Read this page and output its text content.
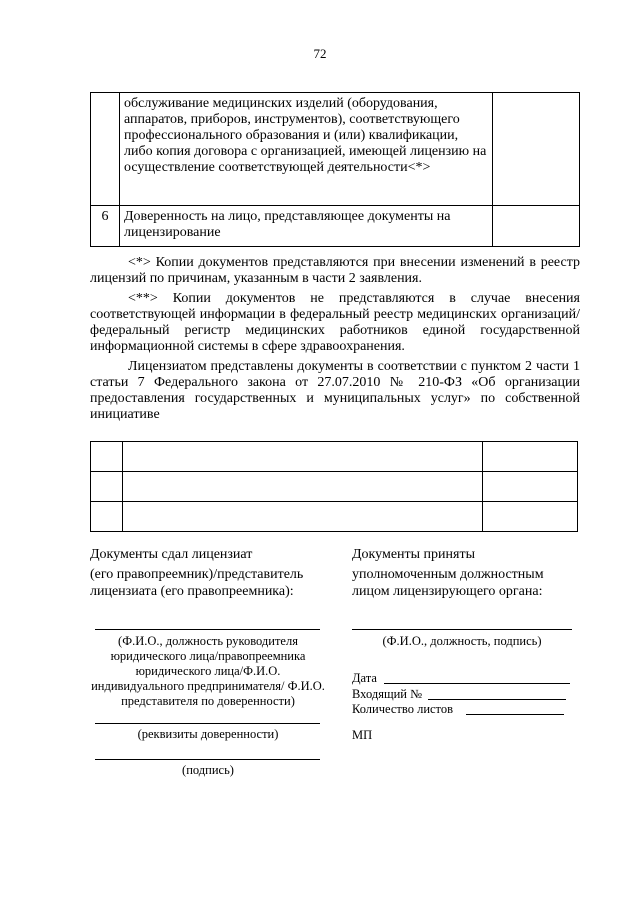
72
	обслуживание медицинских изделий (оборудования, аппаратов, приборов, инструментов), соответствующего профессионального образования и (или) квалификации, либо копия договора с организацией, имеющей лицензию на осуществление соответствующей деятельности<*>	
6	Доверенность на лицо, представляющее документы на лицензирование	

<*> Копии документов представляются при внесении изменений в реестр лицензий по причинам, указанным в части 2 заявления.

<**> Копии документов не представляются в случае внесения соответствующей информации в федеральный реестр медицинских организаций/федеральный регистр медицинских работников единой государственной информационной системы в сфере здравоохранения.

Лицензиатом представлены документы в соответствии с пунктом 2 части 1 статьи 7 Федерального закона от 27.07.2010 № 210-ФЗ «Об организации предоставления государственных и муниципальных услуг» по собственной инициативе

Документы сдал лицензиат
(его правопреемник)/представитель
лицензиата (его правопреемника):
(Ф.И.О., должность руководителя юридического лица/правопреемника юридического лица/Ф.И.О. индивидуального предпринимателя/ Ф.И.О. представителя по доверенности)
(реквизиты доверенности)
(подпись)
Документы приняты
уполномоченным должностным
лицом лицензирующего органа:
(Ф.И.О., должность, подпись)
Дата
Входящий №
Количество листов
МП
